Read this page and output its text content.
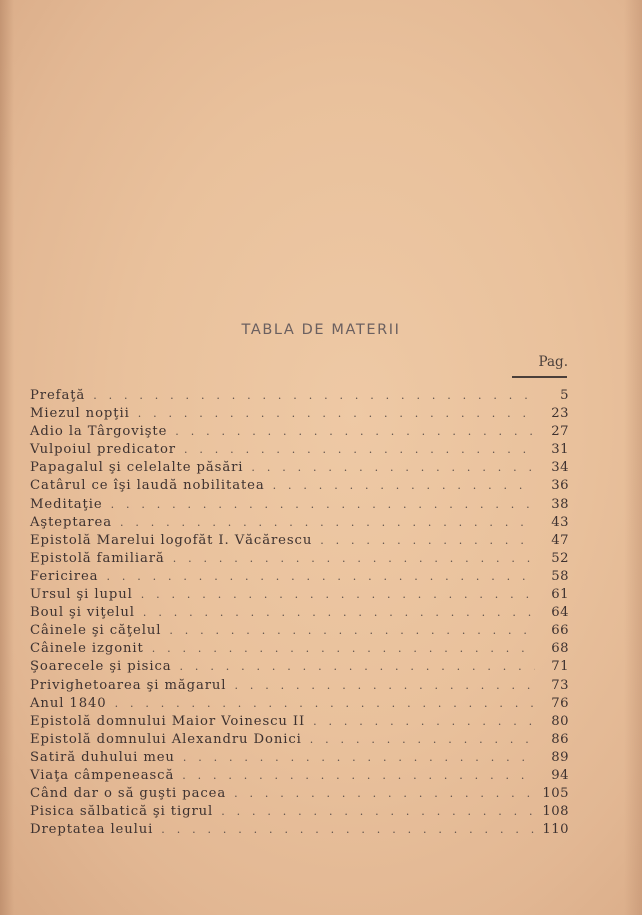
TABLA DE MATERII
Pag.
Prefaţă . . .	5
Miezul nopţii . . .	23
Adio la Târgovişte . . .	27
Vulpoiul predicator . . .	31
Papagalul şi celelalte păsări . . .	34
Catârul ce îşi laudă nobilitatea . . .	36
Meditaţie . . .	38
Aşteptarea . . .	43
Epistolă Marelui logofăt I. Văcărescu . . .	47
Epistolă familiară . . .	52
Fericirea . . .	58
Ursul şi lupul . . .	61
Boul şi viţelul . . .	64
Câinele şi căţelul . . .	66
Câinele izgonit . . .	68
Şoarecele şi pisica . . .	71
Privighetoarea şi măgarul . . .	73
Anul 1840 . . .	76
Epistolă domnului Maior Voinescu II . . .	80
Epistolă domnului Alexandru Donici . . .	86
Satiră duhului meu . . .	89
Viaţa câmpenească . . .	94
Când dar o să guşti pacea . . .	105
Pisica sălbatică şi tigrul . . .	108
Dreptatea leului . . .	110
